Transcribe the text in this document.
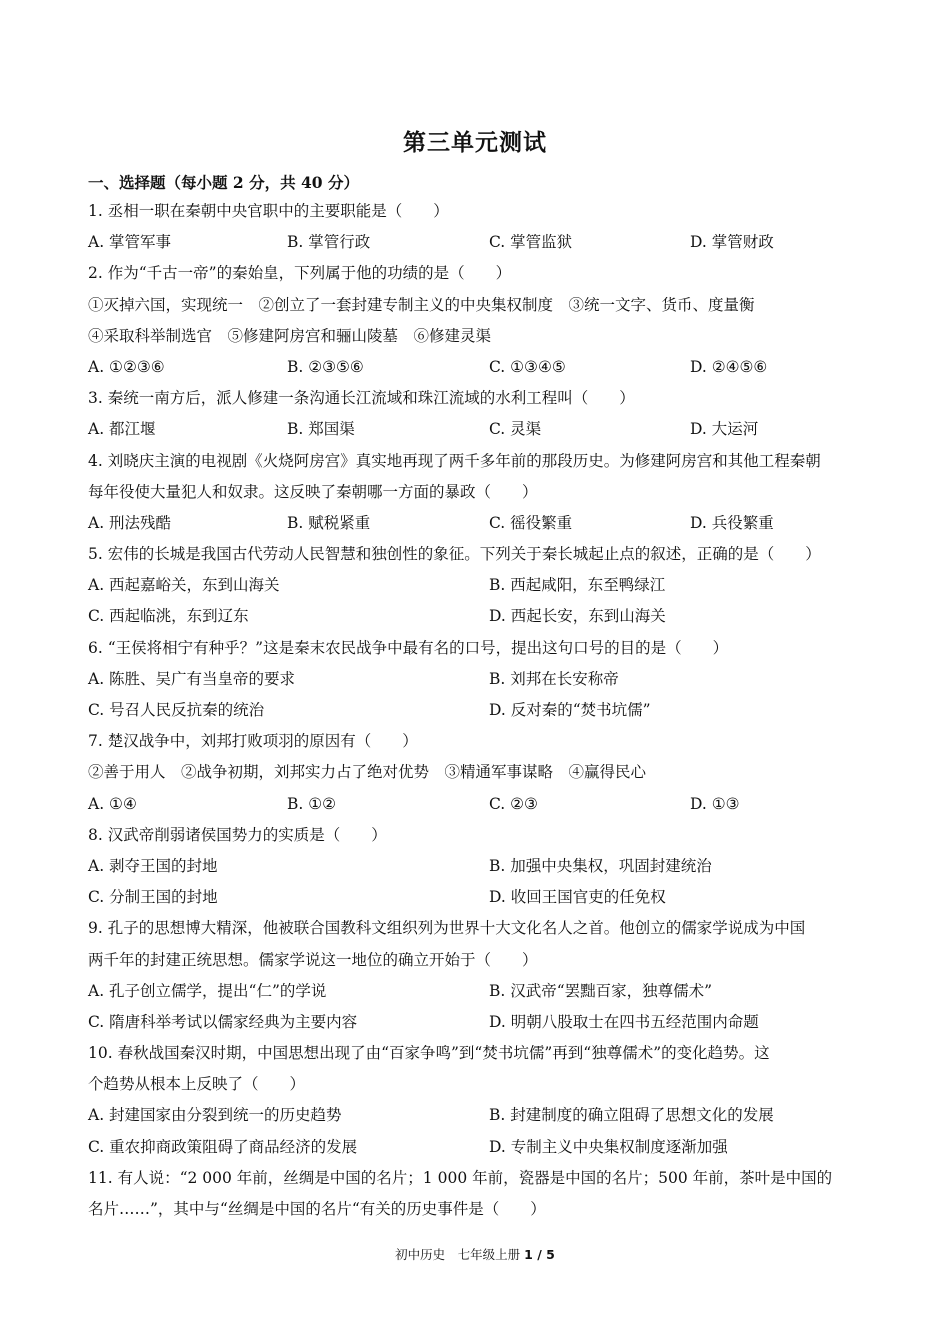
第三单元测试
一、选择题（每小题 2 分，共 40 分）
1. 丞相一职在秦朝中央官职中的主要职能是（　　）
A. 掌管军事	B. 掌管行政	C. 掌管监狱	D. 掌管财政
2. 作为“千古一帝”的秦始皇，下列属于他的功绩的是（　　）
①灭掉六国，实现统一　②创立了一套封建专制主义的中央集权制度　③统一文字、货币、度量衡
④采取科举制选官　⑤修建阿房宫和骊山陵墓　⑥修建灵渠
A. ①②③⑥	B. ②③⑤⑥	C. ①③④⑤	D. ②④⑤⑥
3. 秦统一南方后，派人修建一条沟通长江流域和珠江流域的水利工程叫（　　）
A. 都江堰	B. 郑国渠	C. 灵渠	D. 大运河
4. 刘晓庆主演的电视剧《火烧阿房宫》真实地再现了两千多年前的那段历史。为修建阿房宫和其他工程秦朝
每年役使大量犯人和奴隶。这反映了秦朝哪一方面的暴政（　　）
A. 刑法残酷	B. 赋税紧重	C. 徭役繁重	D. 兵役繁重
5. 宏伟的长城是我国古代劳动人民智慧和独创性的象征。下列关于秦长城起止点的叙述，正确的是（　　）
A. 西起嘉峪关，东到山海关	B. 西起咸阳，东至鸭绿江
C. 西起临洮，东到辽东	D. 西起长安，东到山海关
6. “王侯将相宁有种乎？”这是秦末农民战争中最有名的口号，提出这句口号的目的是（　　）
A. 陈胜、吴广有当皇帝的要求	B. 刘邦在长安称帝
C. 号召人民反抗秦的统治	D. 反对秦的“焚书坑儒”
7. 楚汉战争中，刘邦打败项羽的原因有（　　）
②善于用人　②战争初期，刘邦实力占了绝对优势　③精通军事谋略　④赢得民心
A. ①④	B. ①②	C. ②③	D. ①③
8. 汉武帝削弱诸侯国势力的实质是（　　）
A. 剥夺王国的封地	B. 加强中央集权，巩固封建统治
C. 分制王国的封地	D. 收回王国官吏的任免权
9. 孔子的思想博大精深，他被联合国教科文组织列为世界十大文化名人之首。他创立的儒家学说成为中国
两千年的封建正统思想。儒家学说这一地位的确立开始于（　　）
A. 孔子创立儒学，提出“仁”的学说	B. 汉武帝“罢黜百家，独尊儒术”
C. 隋唐科举考试以儒家经典为主要内容	D. 明朝八股取士在四书五经范围内命题
10. 春秋战国秦汉时期，中国思想出现了由“百家争鸣”到“焚书坑儒”再到“独尊儒术”的变化趋势。这
个趋势从根本上反映了（　　）
A. 封建国家由分裂到统一的历史趋势	B. 封建制度的确立阻碍了思想文化的发展
C. 重农抑商政策阻碍了商品经济的发展	D. 专制主义中央集权制度逐渐加强
11. 有人说：“2 000 年前，丝绸是中国的名片；1 000 年前，瓷器是中国的名片；500 年前，茶叶是中国的
名片……”，其中与“丝绸是中国的名片“有关的历史事件是（　　）
初中历史　七年级上册 1 / 5
